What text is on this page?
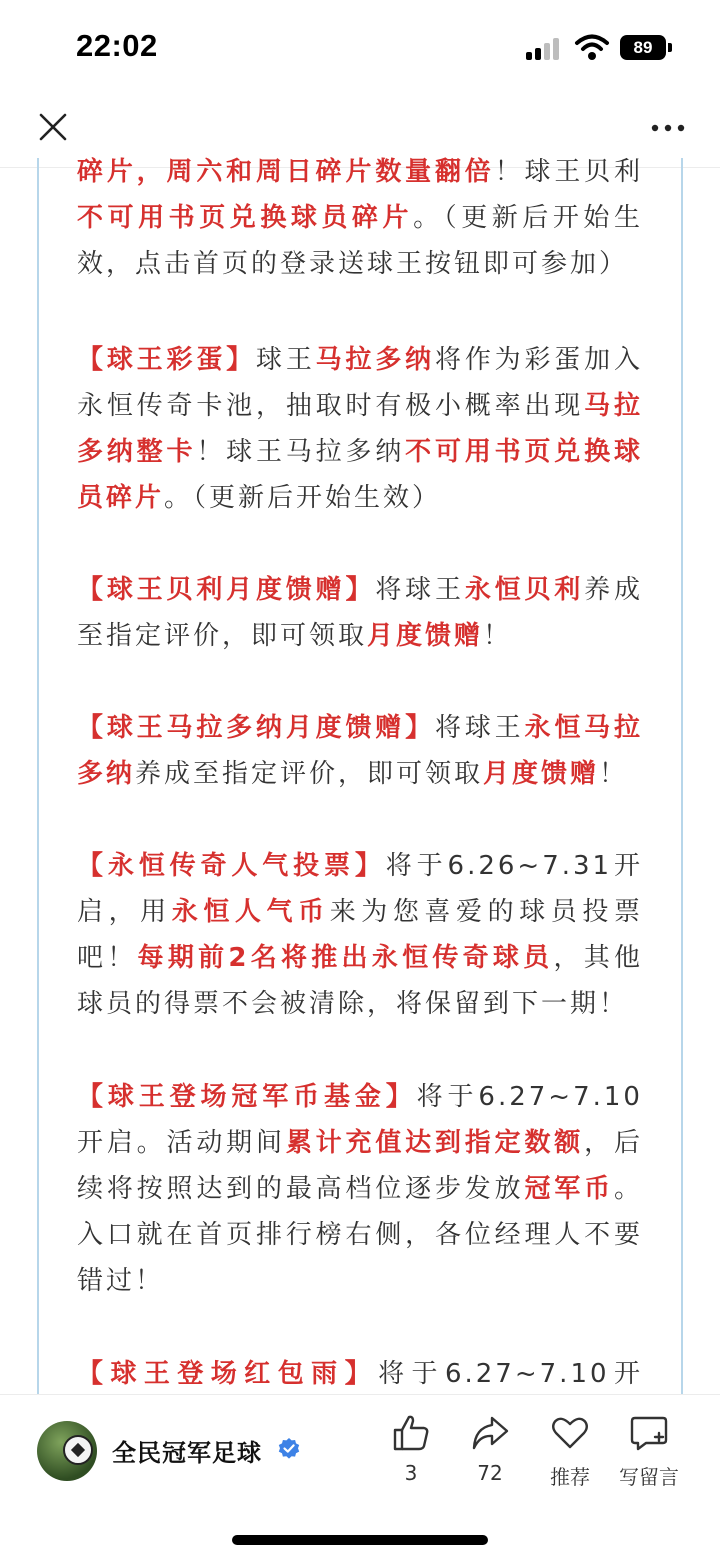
22:02	89

碎片，周六和周日碎片数量翻倍！球王贝利不可用书页兑换球员碎片。（更新后开始生效，点击首页的登录送球王按钮即可参加）

【球王彩蛋】球王马拉多纳将作为彩蛋加入永恒传奇卡池，抽取时有极小概率出现马拉多纳整卡！球王马拉多纳不可用书页兑换球员碎片。（更新后开始生效）

【球王贝利月度馈赠】将球王永恒贝利养成至指定评价，即可领取月度馈赠！

【球王马拉多纳月度馈赠】将球王永恒马拉多纳养成至指定评价，即可领取月度馈赠！

【永恒传奇人气投票】将于6.26~7.31开启，用永恒人气币来为您喜爱的球员投票吧！每期前2名将推出永恒传奇球员，其他球员的得票不会被清除，将保留到下一期！

【球王登场冠军币基金】将于6.27~7.10开启。活动期间累计充值达到指定数额，后续将按照达到的最高档位逐步发放冠军币。入口就在首页排行榜右侧，各位经理人不要错过！

【球王登场红包雨】将于6.27~7.10开

全民冠军足球
3	72	推荐	写留言
